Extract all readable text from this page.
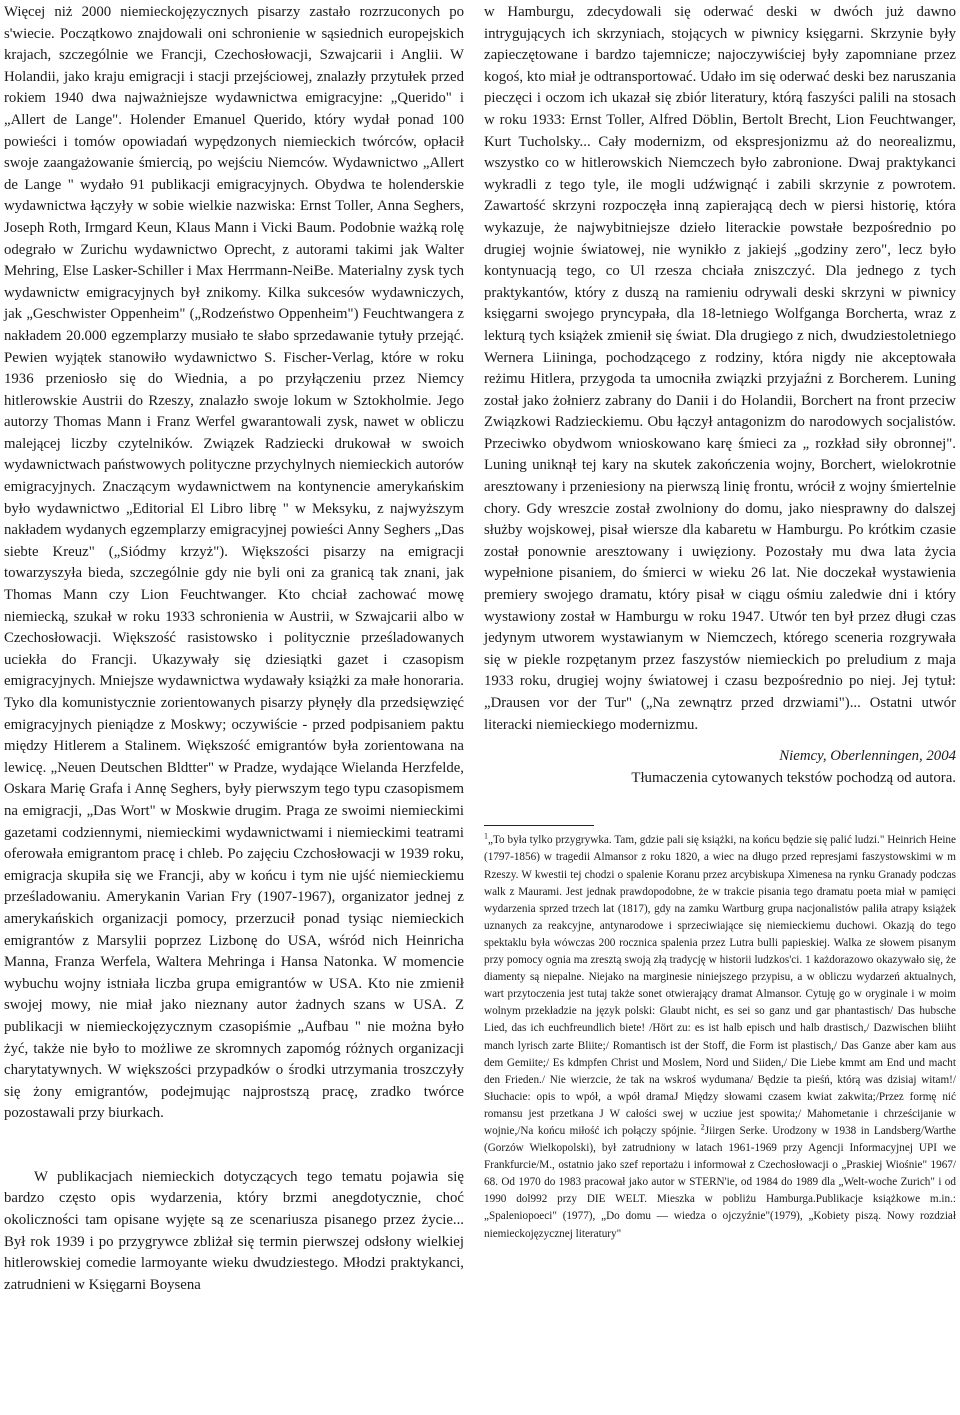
Więcej niż 2000 niemieckojęzycznych pisarzy zastało rozrzuconych po s'wiecie. Początkowo znajdowali oni schronienie w sąsiednich europejskich krajach, szczególnie we Francji, Czechosłowacji, Szwajcarii i Anglii. W Holandii, jako kraju emigracji i stacji przejściowej, znalazły przytułek przed rokiem 1940 dwa najważniejsze wydawnictwa emigracyjne: „Querido" i „Allert de Lange". Holender Emanuel Querido, który wydał ponad 100 powieści i tomów opowiadań wypędzonych niemieckich twórców, opłacił swoje zaangażowanie śmiercią, po wejściu Niemców. Wydawnictwo „Allert de Lange " wydało 91 publikacji emigracyjnych. Obydwa te holenderskie wydawnictwa łączyły w sobie wielkie nazwiska: Ernst Toller, Anna Seghers, Joseph Roth, Irmgard Keun, Klaus Mann i Vicki Baum. Podobnie ważką rolę odegrało w Zurichu wydawnictwo Oprecht, z autorami takimi jak Walter Mehring, Else Lasker-Schiller i Max Herrmann-NeiBe. Materialny zysk tych wydawnictw emigracyjnych był znikomy. Kilka sukcesów wydawniczych, jak „Geschwister Oppenheim" („Rodzeństwo Oppenheim") Feuchtwangera z nakładem 20.000 egzemplarzy musiało te słabo sprzedawanie tytuły przejąć. Pewien wyjątek stanowiło wydawnictwo S. Fischer-Verlag, które w roku 1936 przeniosło się do Wiednia, a po przyłączeniu przez Niemcy hitlerowskie Austrii do Rzeszy, znalazło swoje lokum w Sztokholmie. Jego autorzy Thomas Mann i Franz Werfel gwarantowali zysk, nawet w obliczu malejącej liczby czytelników. Związek Radziecki drukował w swoich wydawnictwach państwowych polityczne przychylnych niemieckich autorów emigracyjnych. Znaczącym wydawnictwem na kontynencie amerykańskim było wydawnictwo „Editorial El Libro librę " w Meksyku, z najwyższym nakładem wydanych egzemplarzy emigracyjnej powieści Anny Seghers „Das siebte Kreuz" („Siódmy krzyż"). Większości pisarzy na emigracji towarzyszyła bieda, szczególnie gdy nie byli oni za granicą tak znani, jak Thomas Mann czy Lion Feuchtwanger. Kto chciał zachować mowę niemiecką, szukał w roku 1933 schronienia w Austrii, w Szwajcarii albo w Czechosłowacji. Większość rasistowsko i politycznie prześladowanych uciekła do Francji. Ukazywały się dziesiątki gazet i czasopism emigracyjnych. Mniejsze wydawnictwa wydawały książki za małe honoraria. Tyko dla komunistycznie zorientowanych pisarzy płynęły dla przedsięwzięć emigracyjnych pieniądze z Moskwy; oczywiście - przed podpisaniem paktu między Hitlerem a Stalinem. Większość emigrantów była zorientowana na lewicę. „Neuen Deutschen Bldtter" w Pradze, wydające Wielanda Herzfelde, Oskara Marię Grafa i Annę Seghers, były pierwszym tego typu czasopismem na emigracji, „Das Wort" w Moskwie drugim. Praga ze swoimi niemieckimi gazetami codziennymi, niemieckimi wydawnictwami i niemieckimi teatrami oferowała emigrantom pracę i chleb. Po zajęciu Czchosłowacji w 1939 roku, emigracja skupiła się we Francji, aby w końcu i tym nie ujść niemieckiemu prześladowaniu. Amerykanin Varian Fry (1907-1967), organizator jednej z amerykańskich organizacji pomocy, przerzucił ponad tysiąc niemieckich emigrantów z Marsylii poprzez Lizbonę do USA, wśród nich Heinricha Manna, Franza Werfela, Waltera Mehringa i Hansa Natonka. W momencie wybuchu wojny istniała liczba grupa emigrantów w USA. Kto nie zmienił swojej mowy, nie miał jako nieznany autor żadnych szans w USA. Z publikacji w niemieckojęzycznym czasopiśmie „Aufbau " nie można było żyć, także nie było to możliwe ze skromnych zapomóg różnych organizacji charytatywnych. W większości przypadków o środki utrzymania troszczyły się żony emigrantów, podejmując najprostszą pracę, zradko twórce pozostawali przy biurkach.

W publikacjach niemieckich dotyczących tego tematu pojawia się bardzo często opis wydarzenia, który brzmi anegdotycznie, choć okoliczności tam opisane wyjęte są ze scenariusza pisanego przez życie... Był rok 1939 i po przygrywce zbliżał się termin pierwszej odsłony wielkiej hitlerowskiej comedie larmoyante wieku dwudziestego. Młodzi praktykanci, zatrudnieni w Księgarni Boysena

w Hamburgu, zdecydowali się oderwać deski w dwóch już dawno intrygujących ich skrzyniach, stojących w piwnicy księgarni. Skrzynie były zapieczętowane i bardzo tajemnicze; najoczywiściej były zapomniane przez kogoś, kto miał je odtransportować. Udało im się oderwać deski bez naruszania pieczęci i oczom ich ukazał się zbiór literatury, którą faszyści palili na stosach w roku 1933: Ernst Toller, Alfred Döblin, Bertolt Brecht, Lion Feuchtwanger, Kurt Tucholsky... Cały modernizm, od ekspresjonizmu aż do neorealizmu, wszystko co w hitlerowskich Niemczech było zabronione. Dwaj praktykanci wykradli z tego tyle, ile mogli udźwignąć i zabili skrzynie z powrotem. Zawartość skrzyni rozpoczęła inną zapierającą dech w piersi historię, która wykazuje, że najwybitniejsze dzieło literackie powstałe bezpośrednio po drugiej wojnie światowej, nie wynikło z jakiejś „godziny zero", lecz było kontynuacją tego, co Ul rzesza chciała zniszczyć. Dla jednego z tych praktykantów, który z duszą na ramieniu odrywali deski skrzyni w piwnicy księgarni swojego pryncypała, dla 18-letniego Wolfganga Borcherta, wraz z lekturą tych książek zmienił się świat. Dla drugiego z nich, dwudziestoletniego Wernera Liininga, pochodzącego z rodziny, która nigdy nie akceptowała reżimu Hitlera, przygoda ta umocniła związki przyjaźni z Borcherem. Luning został jako żołnierz zabrany do Danii i do Holandii, Borchert na front przeciw Związkowi Radzieckiemu. Obu łączył antagonizm do narodowych socjalistów. Przeciwko obydwom wnioskowano karę śmieci za „ rozkład siły obronnej". Luning uniknął tej kary na skutek zakończenia wojny, Borchert, wielokrotnie aresztowany i przeniesiony na pierwszą linię frontu, wrócił z wojny śmiertelnie chory. Gdy wreszcie został zwolniony do domu, jako niesprawny do dalszej służby wojskowej, pisał wiersze dla kabaretu w Hamburgu. Po krótkim czasie został ponownie aresztowany i uwięziony. Pozostały mu dwa lata życia wypełnione pisaniem, do śmierci w wieku 26 lat. Nie doczekał wystawienia premiery swojego dramatu, który pisał w ciągu ośmiu zaledwie dni i który wystawiony został w Hamburgu w roku 1947. Utwór ten był przez długi czas jedynym utworem wystawianym w Niemczech, którego sceneria rozgrywała się w piekle rozpętanym przez faszystów niemieckich po preludium z maja 1933 roku, drugiej wojny światowej i czasu bezpośrednio po niej. Jej tytuł: „Drausen vor der Tur" („Na zewnątrz przed drzwiami")... Ostatni utwór literacki niemieckiego modernizmu.

Niemcy, Oberlenningen, 2004
Tłumaczenia cytowanych tekstów pochodzą od autora.

$^1$„To była tylko przygrywka. Tam, gdzie pali się książki, na końcu będzie się palić ludzi." Heinrich Heine (1797-1856) w tragedii Almansor z roku 1820, a wiec na długo przed represjami faszystowskimi w m Rzeszy. W kwestii tej chodzi o spalenie Koranu przez arcybiskupa Ximenesa na rynku Granady podczas walk z Maurami. Jest jednak prawdopodobne, że w trakcie pisania tego dramatu poeta miał w pamięci wydarzenia sprzed trzech lat (1817), gdy na zamku Wartburg grupa nacjonalistów paliła atrapy książek uznanych za reakcyjne, antynarodowe i sprzeciwiające się niemieckiemu duchowi. Okazją do tego spektaklu była wówczas 200 rocznica spalenia przez Lutra bulli papieskiej. Walka ze słowem pisanym przy pomocy ognia ma zresztą swoją złą tradycję w historii ludzkos'ci. 1 każdorazowo okazywało się, że diamenty są niepalne. Niejako na marginesie niniejszego przypisu, a w obliczu wydarzeń aktualnych, wart przytoczenia jest tutaj także sonet otwierający dramat Almansor. Cytuję go w oryginale i w moim wolnym przekładzie na język polski: Glaubt nicht, es sei so ganz und gar phantastisch/ Das hubsche Lied, das ich euchfreundlich biete! /Hört zu: es ist halb episch und halb drastisch,/ Dazwischen bliiht manch lyrisch zarte Bliite;/ Romantisch ist der Stoff, die Form ist plastisch,/ Das Ganze aber kam aus dem Gemiite;/ Es kdmpfen Christ und Moslem, Nord und Siiden,/ Die Liebe kmmt am End und macht den Frieden./ Nie wierzcie, że tak na wskroś wydumana/ Będzie ta pieśń, którą was dzisiaj witam!/ Słuchacie: opis to wpół, a wpół dramaJ Między słowami czasem kwiat zakwita;/Przez formę nić romansu jest przetkana J W całości swej w ucziue jest spowita;/ Mahometanie i chrześcijanie w wojnie,/Na końcu miłość ich połączy spójnie. $^2$Jiirgen Serke. Urodzony w 1938 in Landsberg/Warthe (Gorzów Wielkopolski), był zatrudniony w latach 1961-1969 przy Agencji Informacyjnej UPI we Frankfurcie/M., ostatnio jako szef reportażu i informował z Czechosłowacji o „Praskiej Wiośnie" 1967/ 68. Od 1970 do 1983 pracował jako autor w STERN'ie, od 1984 do 1989 dla „Welt-woche Zurich" i od 1990 dol992 przy DIE WELT. Mieszka w pobliżu Hamburga.Publikacje książkowe m.in.: „Spaleniopoeci" (1977), „Do domu — wiedza o ojczyźnie"(1979), „Kobiety piszą. Nowy rozdział niemieckojęzycznej literatury"
